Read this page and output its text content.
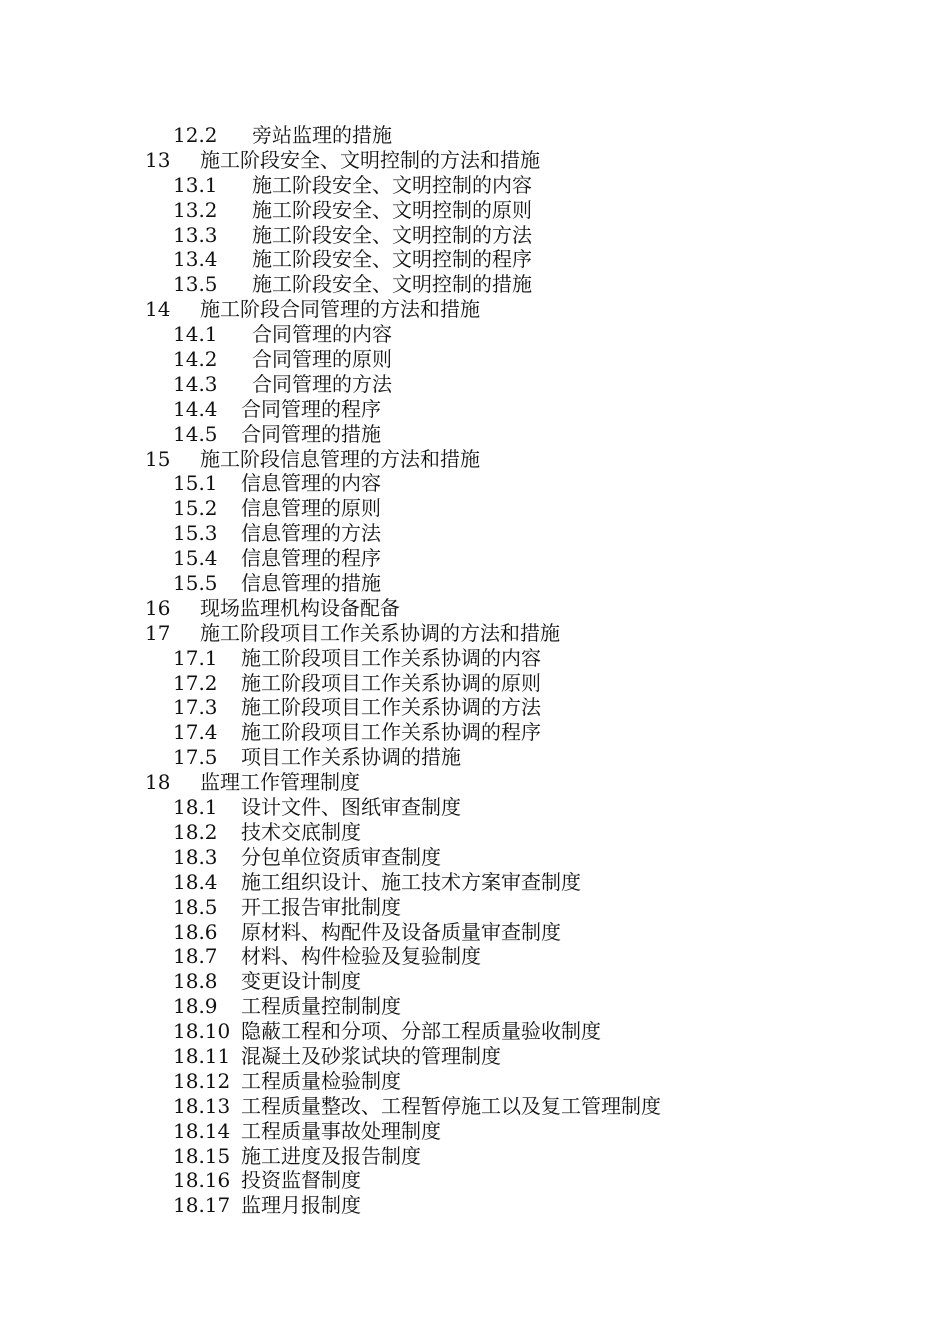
12.2 旁站监理的措施
13 施工阶段安全、文明控制的方法和措施
13.1 施工阶段安全、文明控制的内容
13.2 施工阶段安全、文明控制的原则
13.3 施工阶段安全、文明控制的方法
13.4 施工阶段安全、文明控制的程序
13.5 施工阶段安全、文明控制的措施
14 施工阶段合同管理的方法和措施
14.1 合同管理的内容
14.2 合同管理的原则
14.3 合同管理的方法
14.4 合同管理的程序
14.5 合同管理的措施
15 施工阶段信息管理的方法和措施
15.1 信息管理的内容
15.2 信息管理的原则
15.3 信息管理的方法
15.4 信息管理的程序
15.5 信息管理的措施
16 现场监理机构设备配备
17 施工阶段项目工作关系协调的方法和措施
17.1 施工阶段项目工作关系协调的内容
17.2 施工阶段项目工作关系协调的原则
17.3 施工阶段项目工作关系协调的方法
17.4 施工阶段项目工作关系协调的程序
17.5 项目工作关系协调的措施
18 监理工作管理制度
18.1 设计文件、图纸审查制度
18.2 技术交底制度
18.3 分包单位资质审查制度
18.4 施工组织设计、施工技术方案审查制度
18.5 开工报告审批制度
18.6 原材料、构配件及设备质量审查制度
18.7 材料、构件检验及复验制度
18.8 变更设计制度
18.9 工程质量控制制度
18.10 隐蔽工程和分项、分部工程质量验收制度
18.11 混凝土及砂浆试块的管理制度
18.12 工程质量检验制度
18.13 工程质量整改、工程暂停施工以及复工管理制度
18.14 工程质量事故处理制度
18.15 施工进度及报告制度
18.16 投资监督制度
18.17 监理月报制度
